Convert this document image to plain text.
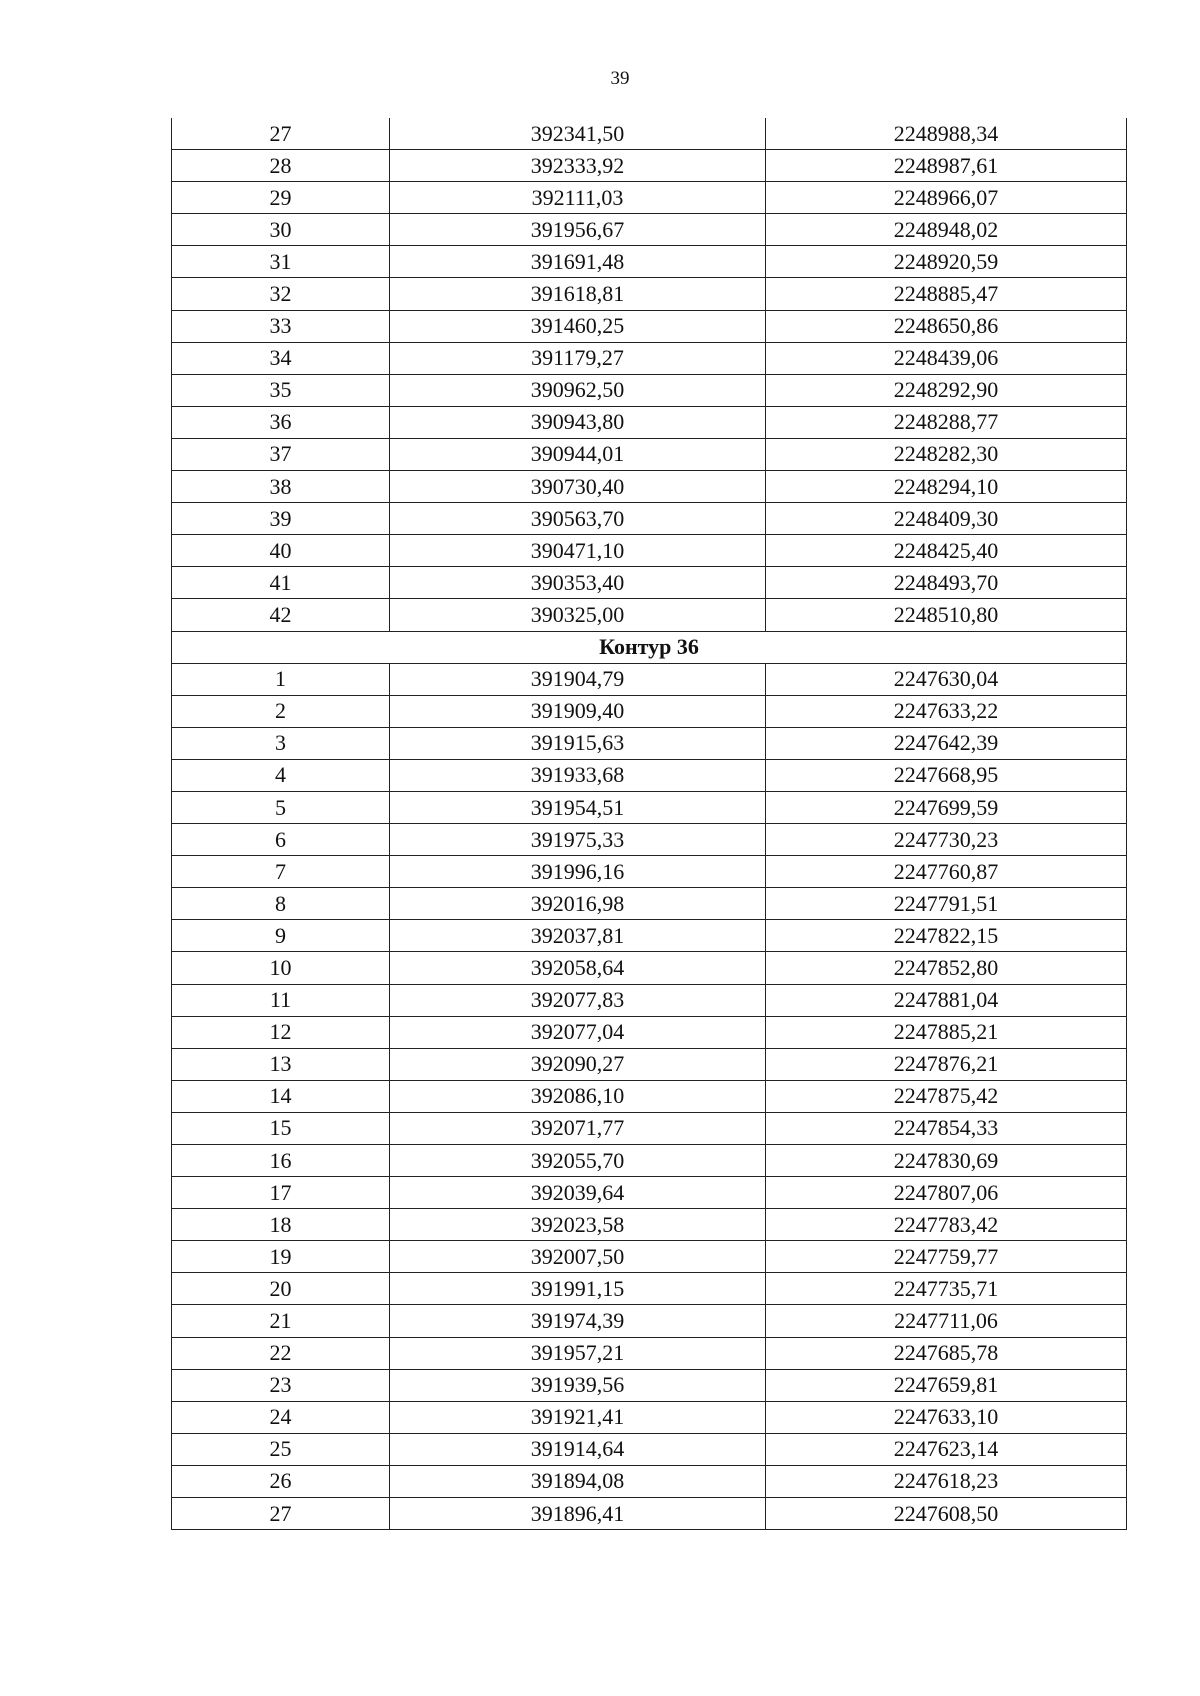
39
27	392341,50	2248988,34
28	392333,92	2248987,61
29	392111,03	2248966,07
30	391956,67	2248948,02
31	391691,48	2248920,59
32	391618,81	2248885,47
33	391460,25	2248650,86
34	391179,27	2248439,06
35	390962,50	2248292,90
36	390943,80	2248288,77
37	390944,01	2248282,30
38	390730,40	2248294,10
39	390563,70	2248409,30
40	390471,10	2248425,40
41	390353,40	2248493,70
42	390325,00	2248510,80
Контур 36		
1	391904,79	2247630,04
2	391909,40	2247633,22
3	391915,63	2247642,39
4	391933,68	2247668,95
5	391954,51	2247699,59
6	391975,33	2247730,23
7	391996,16	2247760,87
8	392016,98	2247791,51
9	392037,81	2247822,15
10	392058,64	2247852,80
11	392077,83	2247881,04
12	392077,04	2247885,21
13	392090,27	2247876,21
14	392086,10	2247875,42
15	392071,77	2247854,33
16	392055,70	2247830,69
17	392039,64	2247807,06
18	392023,58	2247783,42
19	392007,50	2247759,77
20	391991,15	2247735,71
21	391974,39	2247711,06
22	391957,21	2247685,78
23	391939,56	2247659,81
24	391921,41	2247633,10
25	391914,64	2247623,14
26	391894,08	2247618,23
27	391896,41	2247608,50
